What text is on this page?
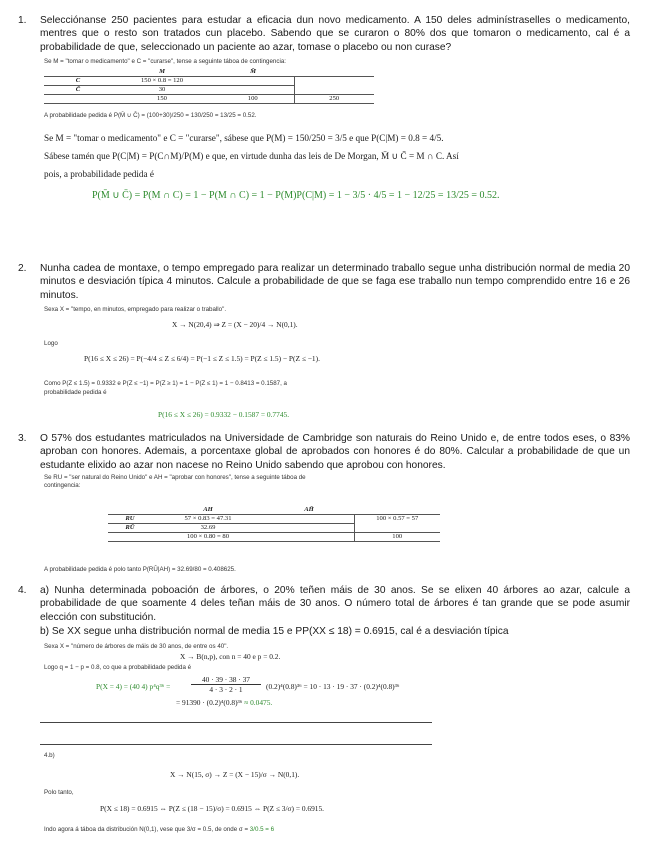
1.	Selecciónanse 250 pacientes para estudar a eficacia dun novo medicamento. A 150 deles adminístraselles o medicamento, mentres que o resto son tratados cun placebo. Sabendo que se curaron o 80% dos que tomaron o medicamento, cal é a probabilidade de que, seleccionado un paciente ao azar, tomase o placebo ou non curase?
Se M = "tomar o medicamento" e C = "curarse", tense a seguinte táboa de contingencia:
	M	M̄	
C	150 × 0.8 = 120		
C̄	30		
	150	100	250
A probabilidade pedida é P(M̄ ∪ C̄) = (100+30)/250 = 130/250 = 13/25 = 0.52.
Se M = "tomar o medicamento" e C = "curarse", sábese que P(M) = 150/250 = 3/5 e que P(C|M) = 0.8 = 4/5.
Sábese tamén que P(C|M) = P(C∩M)/P(M) e que, en virtude dunha das leis de De Morgan, M̄ ∪ C̄ = M ∩ C. Así
pois, a probabilidade pedida é
P(M̄ ∪ C̄) = P(M ∩ C) = 1 − P(M ∩ C) = 1 − P(M)P(C|M) = 1 − 3/5 · 4/5 = 1 − 12/25 = 13/25 = 0.52.
2.	Nunha cadea de montaxe, o tempo empregado para realizar un determinado traballo segue unha distribución normal de media 20 minutos e desviación típica 4 minutos. Calcule a probabilidade de que se faga ese traballo nun tempo comprendido entre 16 e 26 minutos.
Sexa X = "tempo, en minutos, empregado para realizar o traballo".
X → N(20,4) ⇒ Z = (X − 20)/4 → N(0,1).
Logo
P(16 ≤ X ≤ 26) = P(−4/4 ≤ Z ≤ 6/4) = P(−1 ≤ Z ≤ 1.5) = P(Z ≤ 1.5) − P(Z ≤ −1).
Como P(Z ≤ 1.5) = 0.9332 e P(Z ≤ −1) = P(Z ≥ 1) = 1 − P(Z ≤ 1) = 1 − 0.8413 = 0.1587, a
probabilidade pedida é
P(16 ≤ X ≤ 26) = 0.9332 − 0.1587 = 0.7745.
3.	O 57% dos estudantes matriculados na Universidade de Cambridge son naturais do Reino Unido e, de entre todos eses, o 83% aproban con honores. Ademais, a porcentaxe global de aprobados con honores é do 80%. Calcular a probabilidade de que un estudante elixido ao azar non nacese no Reino Unido sabendo que aprobou con honores.
Se RU = "ser natural do Reino Unido" e AH = "aprobar con honores", tense a seguinte táboa de
contingencia:
	AH	AH̄	
RU	57 × 0.83 = 47.31		100 × 0.57 = 57
RŪ	32.69		
	100 × 0.80 = 80		100
A probabilidade pedida é polo tanto P(RŪ|AH) = 32.69/80 = 0.408625.
4.	a) Nunha determinada poboación de árbores, o 20% teñen máis de 30 anos. Se se elixen 40 árbores ao azar, calcule a probabilidade de que soamente 4 deles teñan máis de 30 anos. O número total de árbores é tan grande que se pode asumir elección con substitución.
b) Se XX segue unha distribución normal de media 15 e PP(XX ≤ 18) = 0.6915, cal é a desviación típica
Sexa X = "número de árbores de máis de 30 anos, de entre os 40".
X → B(n,p), con n = 40 e p = 0.2.
Logo q = 1 − p = 0.8, co que a probabilidade pedida é
P(X = 4) = (40 4) p⁴q³⁶ =	$\frac{40 \cdot 39 \cdot 38 \cdot 37}{4 \cdot 3 \cdot 2 \cdot 1} (0.2)^4(0.8)^{36} = 10 \cdot 13 \cdot 19 \cdot 37 \cdot (0.2)^4(0.8)^{36}$
= 91390 · (0.2)⁴(0.8)³⁶ ≈ 0.0475.
4.b)
X → N(15, σ) → Z = (X − 15)/σ → N(0,1).
Polo tanto,
P(X ≤ 18) = 0.6915 ⇔ P(Z ≤ (18 − 15)/σ) = 0.6915 ⇔ P(Z ≤ 3/σ) = 0.6915.
Indo agora á táboa da distribución N(0,1), vese que 3/σ = 0.5, de onde σ = 3/0.5 = 6
